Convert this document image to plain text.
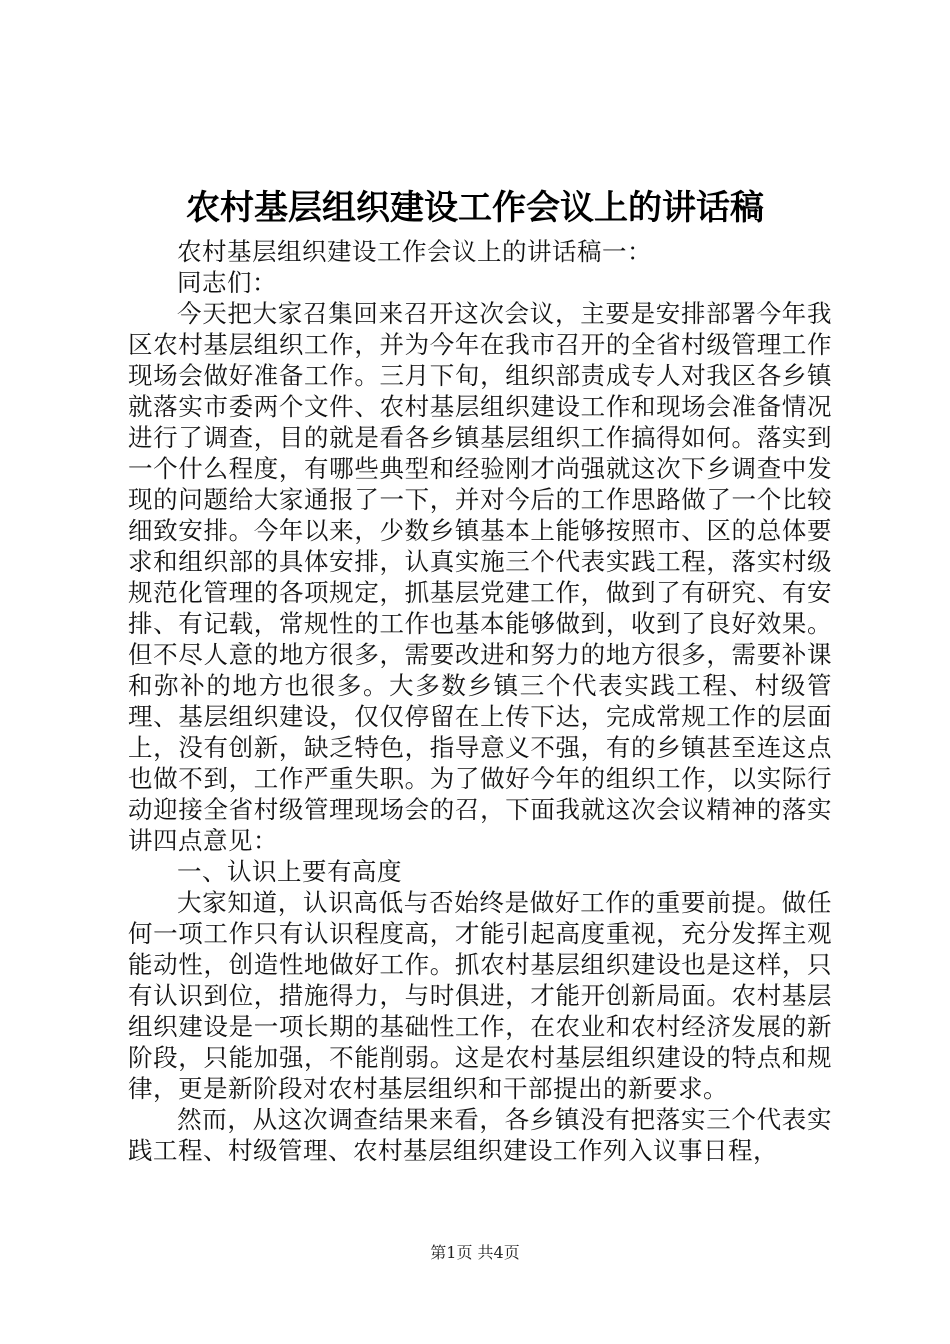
农村基层组织建设工作会议上的讲话稿

农村基层组织建设工作会议上的讲话稿一：

同志们：

今天把大家召集回来召开这次会议，主要是安排部署今年我区农村基层组织工作，并为今年在我市召开的全省村级管理工作现场会做好准备工作。三月下旬，组织部责成专人对我区各乡镇就落实市委两个文件、农村基层组织建设工作和现场会准备情况进行了调查，目的就是看各乡镇基层组织工作搞得如何。落实到一个什么程度，有哪些典型和经验刚才尚强就这次下乡调查中发现的问题给大家通报了一下，并对今后的工作思路做了一个比较细致安排。今年以来，少数乡镇基本上能够按照市、区的总体要求和组织部的具体安排，认真实施三个代表实践工程，落实村级规范化管理的各项规定，抓基层党建工作，做到了有研究、有安排、有记载，常规性的工作也基本能够做到，收到了良好效果。但不尽人意的地方很多，需要改进和努力的地方很多，需要补课和弥补的地方也很多。大多数乡镇三个代表实践工程、村级管理、基层组织建设，仅仅停留在上传下达，完成常规工作的层面上，没有创新，缺乏特色，指导意义不强，有的乡镇甚至连这点也做不到，工作严重失职。为了做好今年的组织工作，以实际行动迎接全省村级管理现场会的召，下面我就这次会议精神的落实讲四点意见：

一、认识上要有高度

大家知道，认识高低与否始终是做好工作的重要前提。做任何一项工作只有认识程度高，才能引起高度重视，充分发挥主观能动性，创造性地做好工作。抓农村基层组织建设也是这样，只有认识到位，措施得力，与时俱进，才能开创新局面。农村基层组织建设是一项长期的基础性工作，在农业和农村经济发展的新阶段，只能加强，不能削弱。这是农村基层组织建设的特点和规律，更是新阶段对农村基层组织和干部提出的新要求。

然而，从这次调查结果来看，各乡镇没有把落实三个代表实践工程、村级管理、农村基层组织建设工作列入议事日程，

第1页 共4页
